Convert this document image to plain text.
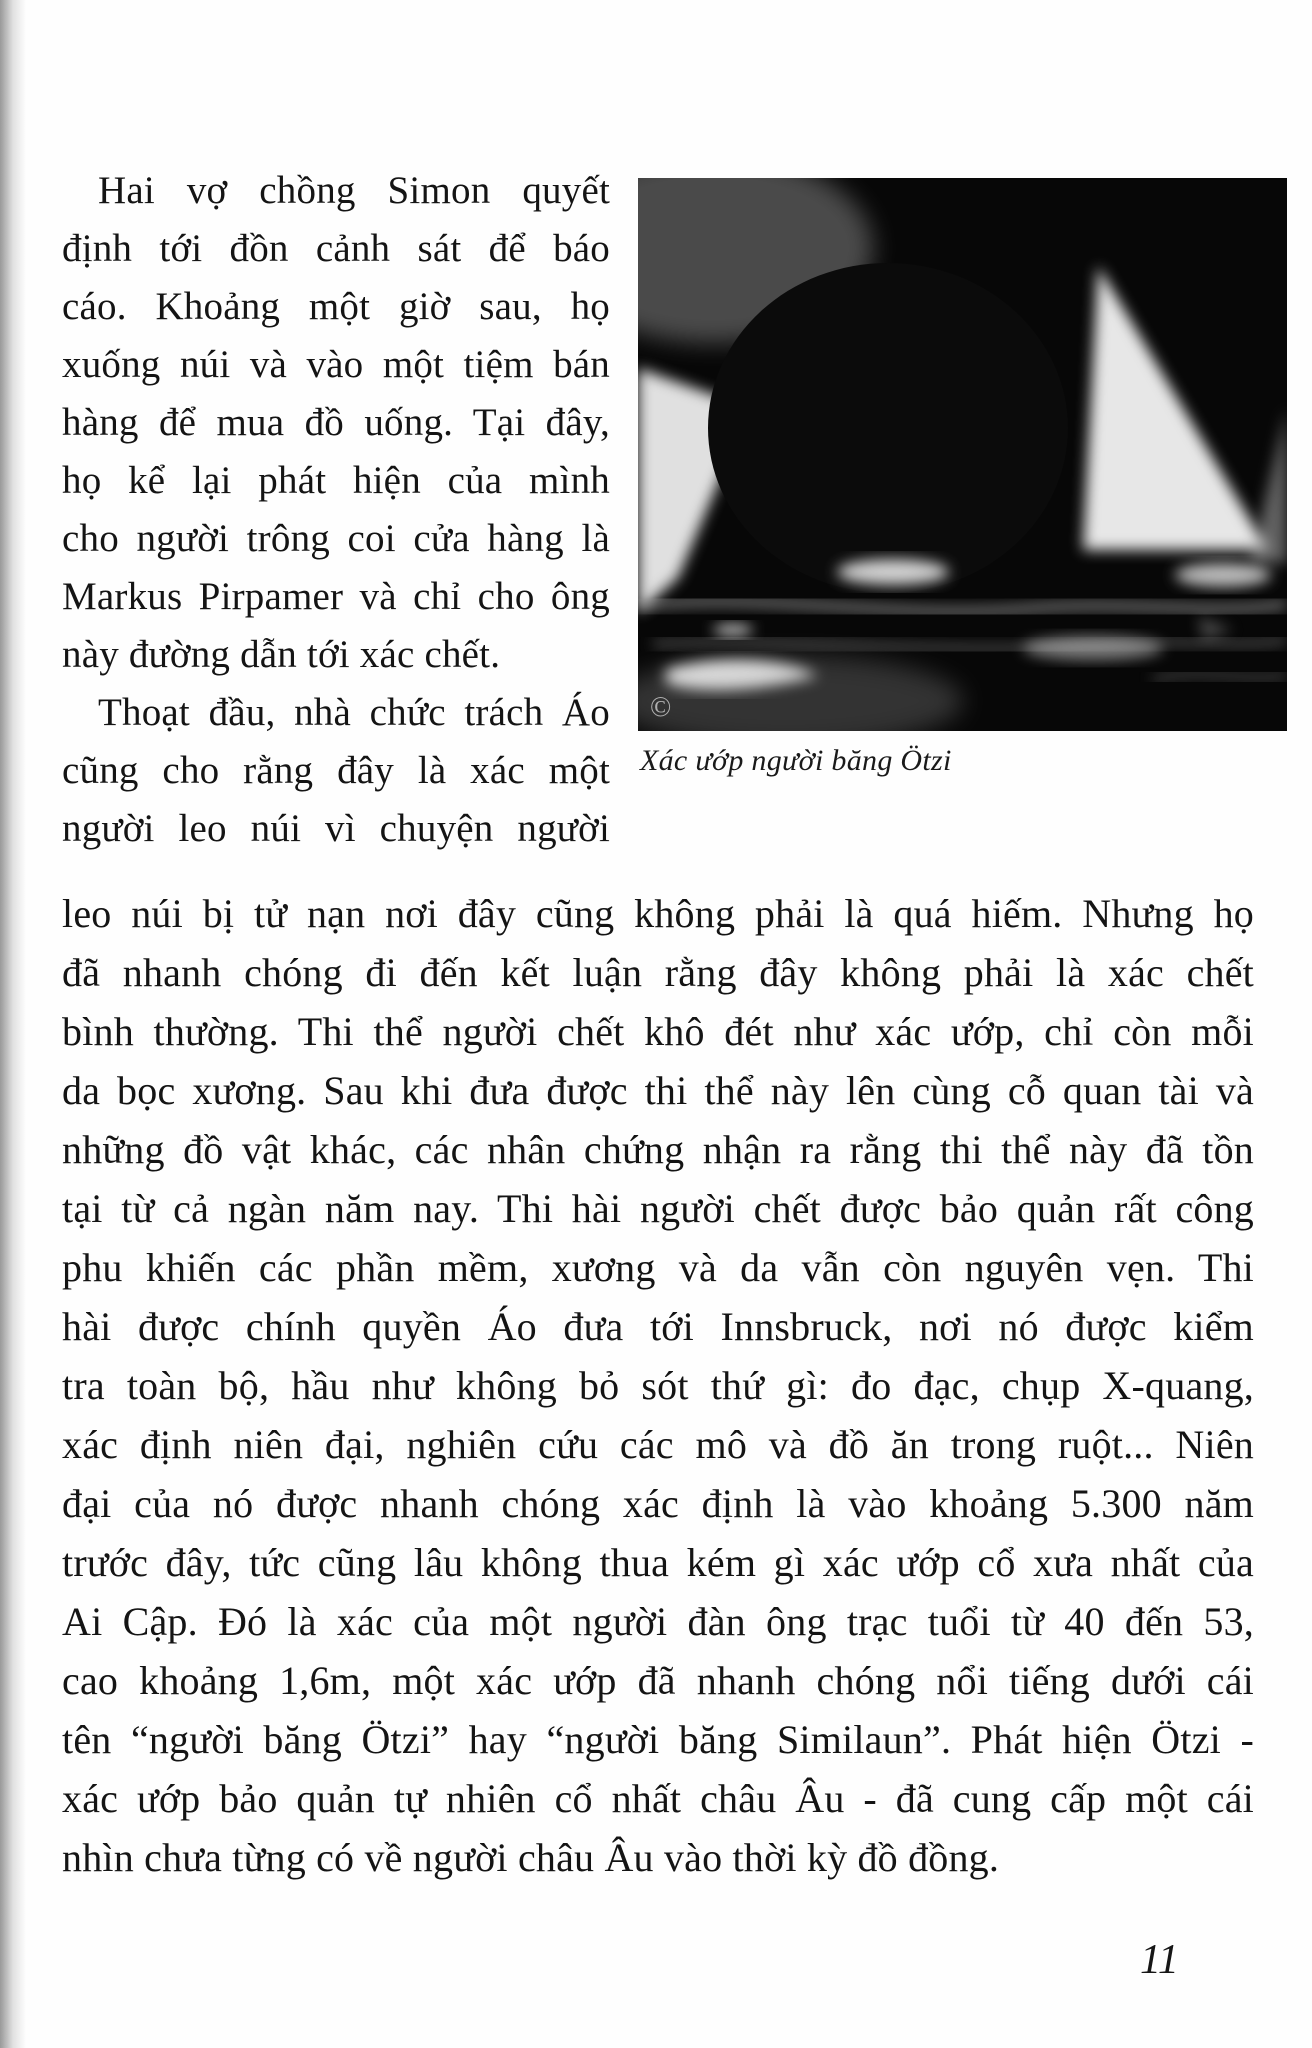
Hai vợ chồng Simon quyết
định tới đồn cảnh sát để báo
cáo. Khoảng một giờ sau, họ
xuống núi và vào một tiệm bán
hàng để mua đồ uống. Tại đây,
họ kể lại phát hiện của mình
cho người trông coi cửa hàng là
Markus Pirpamer và chỉ cho ông
này đường dẫn tới xác chết.
Thoạt đầu, nhà chức trách Áo
cũng cho rằng đây là xác một
người leo núi vì chuyện người
©
Xác ướp người băng Ötzi
leo núi bị tử nạn nơi đây cũng không phải là quá hiếm. Nhưng họ
đã nhanh chóng đi đến kết luận rằng đây không phải là xác chết
bình thường. Thi thể người chết khô đét như xác ướp, chỉ còn mỗi
da bọc xương. Sau khi đưa được thi thể này lên cùng cỗ quan tài và
những đồ vật khác, các nhân chứng nhận ra rằng thi thể này đã tồn
tại từ cả ngàn năm nay. Thi hài người chết được bảo quản rất công
phu khiến các phần mềm, xương và da vẫn còn nguyên vẹn. Thi
hài được chính quyền Áo đưa tới Innsbruck, nơi nó được kiểm
tra toàn bộ, hầu như không bỏ sót thứ gì: đo đạc, chụp X-quang,
xác định niên đại, nghiên cứu các mô và đồ ăn trong ruột... Niên
đại của nó được nhanh chóng xác định là vào khoảng 5.300 năm
trước đây, tức cũng lâu không thua kém gì xác ướp cổ xưa nhất của
Ai Cập. Đó là xác của một người đàn ông trạc tuổi từ 40 đến 53,
cao khoảng 1,6m, một xác ướp đã nhanh chóng nổi tiếng dưới cái
tên “người băng Ötzi” hay “người băng Similaun”. Phát hiện Ötzi -
xác ướp bảo quản tự nhiên cổ nhất châu Âu - đã cung cấp một cái
nhìn chưa từng có về người châu Âu vào thời kỳ đồ đồng.
11
